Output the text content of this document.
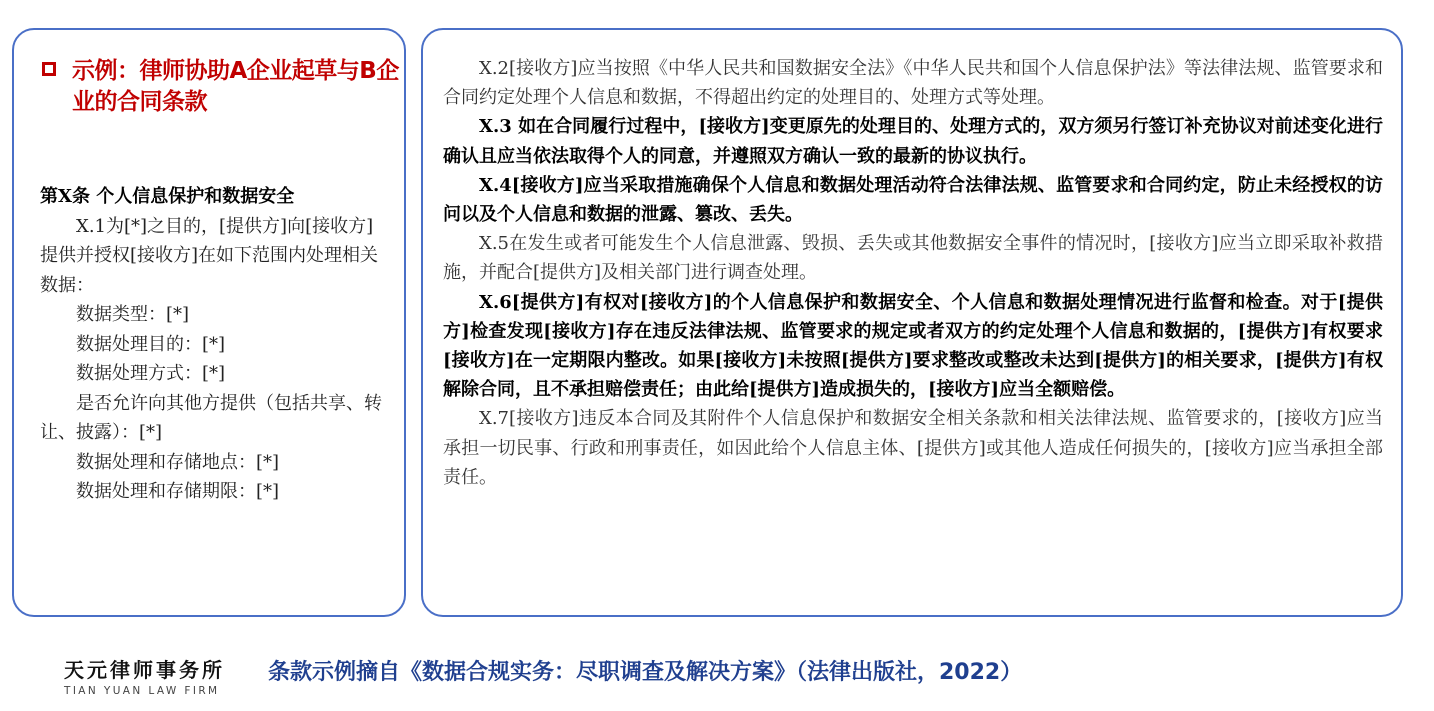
示例：律师协助A企业起草与B企业的合同条款
第X条 个人信息保护和数据安全
X.1为[*]之目的，[提供方]向[接收方]提供并授权[接收方]在如下范围内处理相关数据：
数据类型：[*]
数据处理目的：[*]
数据处理方式：[*]
是否允许向其他方提供（包括共享、转让、披露）：[*]
数据处理和存储地点：[*]
数据处理和存储期限：[*]

X.2[接收方]应当按照《中华人民共和国数据安全法》《中华人民共和国个人信息保护法》等法律法规、监管要求和合同约定处理个人信息和数据，不得超出约定的处理目的、处理方式等处理。

X.3 如在合同履行过程中，[接收方]变更原先的处理目的、处理方式的，双方须另行签订补充协议对前述变化进行确认且应当依法取得个人的同意，并遵照双方确认一致的最新的协议执行。

X.4[接收方]应当采取措施确保个人信息和数据处理活动符合法律法规、监管要求和合同约定，防止未经授权的访问以及个人信息和数据的泄露、篡改、丢失。

X.5在发生或者可能发生个人信息泄露、毁损、丢失或其他数据安全事件的情况时，[接收方]应当立即采取补救措施，并配合[提供方]及相关部门进行调查处理。

X.6[提供方]有权对[接收方]的个人信息保护和数据安全、个人信息和数据处理情况进行监督和检查。对于[提供方]检查发现[接收方]存在违反法律法规、监管要求的规定或者双方的约定处理个人信息和数据的，[提供方]有权要求[接收方]在一定期限内整改。如果[接收方]未按照[提供方]要求整改或整改未达到[提供方]的相关要求，[提供方]有权解除合同，且不承担赔偿责任；由此给[提供方]造成损失的，[接收方]应当全额赔偿。

X.7[接收方]违反本合同及其附件个人信息保护和数据安全相关条款和相关法律法规、监管要求的，[接收方]应当承担一切民事、行政和刑事责任，如因此给个人信息主体、[提供方]或其他人造成任何损失的，[接收方]应当承担全部责任。

天元律师事务所
TIAN YUAN LAW FIRM
条款示例摘自《数据合规实务：尽职调查及解决方案》（法律出版社，2022）
